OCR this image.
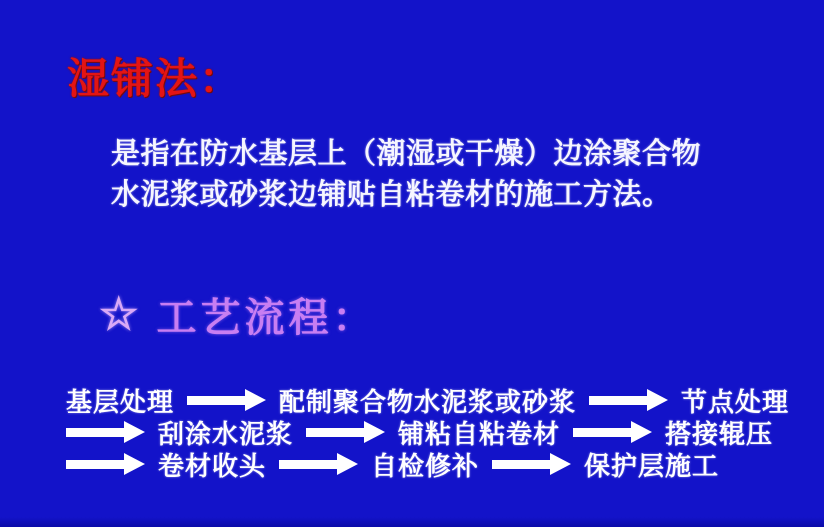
湿铺法：
是指在防水基层上（潮湿或干燥）边涂聚合物
水泥浆或砂浆边铺贴自粘卷材的施工方法。
☆ 工艺流程：
基层处理	配制聚合物水泥浆或砂浆	节点处理
刮涂水泥浆	铺粘自粘卷材	搭接辊压
卷材收头	自检修补	保护层施工
